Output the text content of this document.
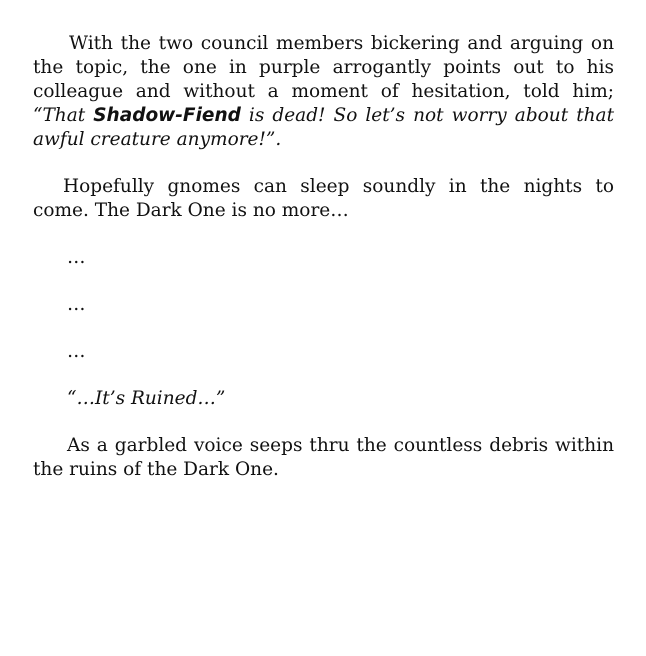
With the two council members bickering and arguing on the topic, the one in purple arrogantly points out to his colleague and without a moment of hesitation, told him; “That Shadow-Fiend is dead! So let’s not worry about that awful creature anymore!”.

Hopefully gnomes can sleep soundly in the nights to come. The Dark One is no more…

…

…

…

“…It’s Ruined…”

As a garbled voice seeps thru the countless debris within the ruins of the Dark One.
